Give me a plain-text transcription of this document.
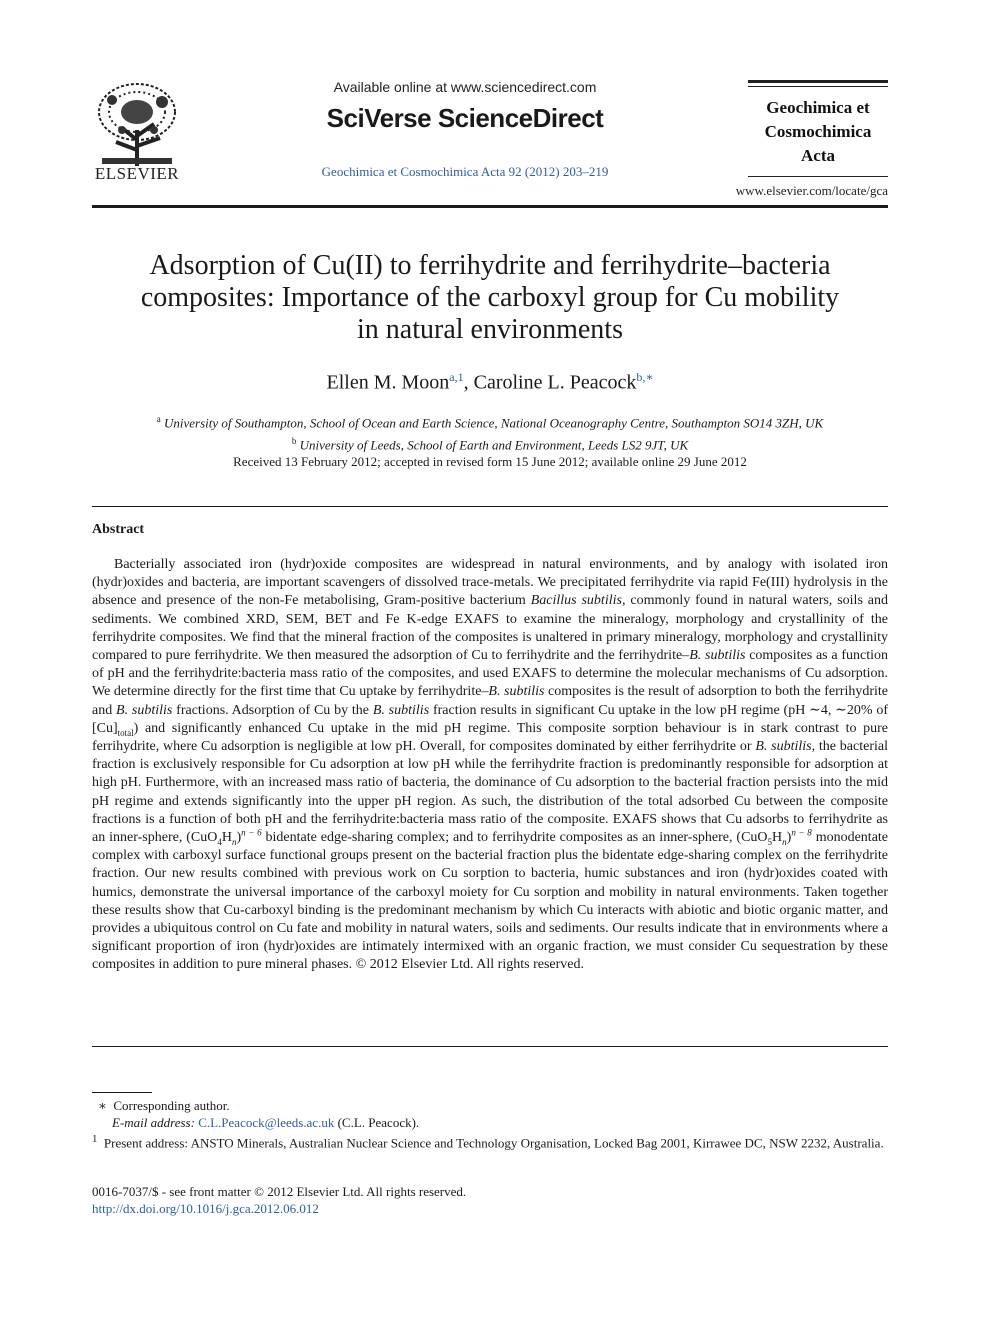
ELSEVIER
Available online at www.sciencedirect.com
SciVerse ScienceDirect
Geochimica et Cosmochimica Acta 92 (2012) 203–219
Geochimica et
Cosmochimica
Acta
www.elsevier.com/locate/gca
Adsorption of Cu(II) to ferrihydrite and ferrihydrite–bacteria
composites: Importance of the carboxyl group for Cu mobility
in natural environments
Ellen M. Moon$^{a,1}$, Caroline L. Peacock$^{b,∗}$
$^a$ University of Southampton, School of Ocean and Earth Science, National Oceanography Centre, Southampton SO14 3ZH, UK
$^b$ University of Leeds, School of Earth and Environment, Leeds LS2 9JT, UK
Received 13 February 2012; accepted in revised form 15 June 2012; available online 29 June 2012
Abstract

Bacterially associated iron (hydr)oxide composites are widespread in natural environments, and by analogy with isolated iron (hydr)oxides and bacteria, are important scavengers of dissolved trace-metals. We precipitated ferrihydrite via rapid Fe(III) hydrolysis in the absence and presence of the non-Fe metabolising, Gram-positive bacterium Bacillus subtilis, commonly found in natural waters, soils and sediments. We combined XRD, SEM, BET and Fe K-edge EXAFS to examine the mineralogy, morphology and crystallinity of the ferrihydrite composites. We find that the mineral fraction of the composites is unaltered in primary mineralogy, morphology and crystallinity compared to pure ferrihydrite. We then measured the adsorption of Cu to ferrihydrite and the ferrihydrite–B. subtilis composites as a function of pH and the ferrihydrite:bacteria mass ratio of the composites, and used EXAFS to determine the molecular mechanisms of Cu adsorption. We determine directly for the first time that Cu uptake by ferrihydrite–B. subtilis composites is the result of adsorption to both the ferrihydrite and B. subtilis fractions. Adsorption of Cu by the B. subtilis fraction results in significant Cu uptake in the low pH regime (pH ∼4, ∼20% of $[Cu]_{total}$) and significantly enhanced Cu uptake in the mid pH regime. This composite sorption behaviour is in stark contrast to pure ferrihydrite, where Cu adsorption is negligible at low pH. Overall, for composites dominated by either ferrihydrite or B. subtilis, the bacterial fraction is exclusively responsible for Cu adsorption at low pH while the ferrihydrite fraction is predominantly responsible for adsorption at high pH. Furthermore, with an increased mass ratio of bacteria, the dominance of Cu adsorption to the bacterial fraction persists into the mid pH regime and extends significantly into the upper pH region. As such, the distribution of the total adsorbed Cu between the composite fractions is a function of both pH and the ferrihydrite:bacteria mass ratio of the composite. EXAFS shows that Cu adsorbs to ferrihydrite as an inner-sphere, $(CuO_4H_n)^{n - 6}$ bidentate edge-sharing complex; and to ferrihydrite composites as an inner-sphere, $(CuO_5H_n)^{n - 8}$ monodentate complex with carboxyl surface functional groups present on the bacterial fraction plus the bidentate edge-sharing complex on the ferrihydrite fraction. Our new results combined with previous work on Cu sorption to bacteria, humic substances and iron (hydr)oxides coated with humics, demonstrate the universal importance of the carboxyl moiety for Cu sorption and mobility in natural environments. Taken together these results show that Cu-carboxyl binding is the predominant mechanism by which Cu interacts with abiotic and biotic organic matter, and provides a ubiquitous control on Cu fate and mobility in natural waters, soils and sediments. Our results indicate that in environments where a significant proportion of iron (hydr)oxides are intimately intermixed with an organic fraction, we must consider Cu sequestration by these composites in addition to pure mineral phases. © 2012 Elsevier Ltd. All rights reserved.

∗ Corresponding author.
E-mail address: C.L.Peacock@leeds.ac.uk (C.L. Peacock).
$^1$ Present address: ANSTO Minerals, Australian Nuclear Science and Technology Organisation, Locked Bag 2001, Kirrawee DC, NSW 2232, Australia.
0016-7037/$ - see front matter © 2012 Elsevier Ltd. All rights reserved.
http://dx.doi.org/10.1016/j.gca.2012.06.012
